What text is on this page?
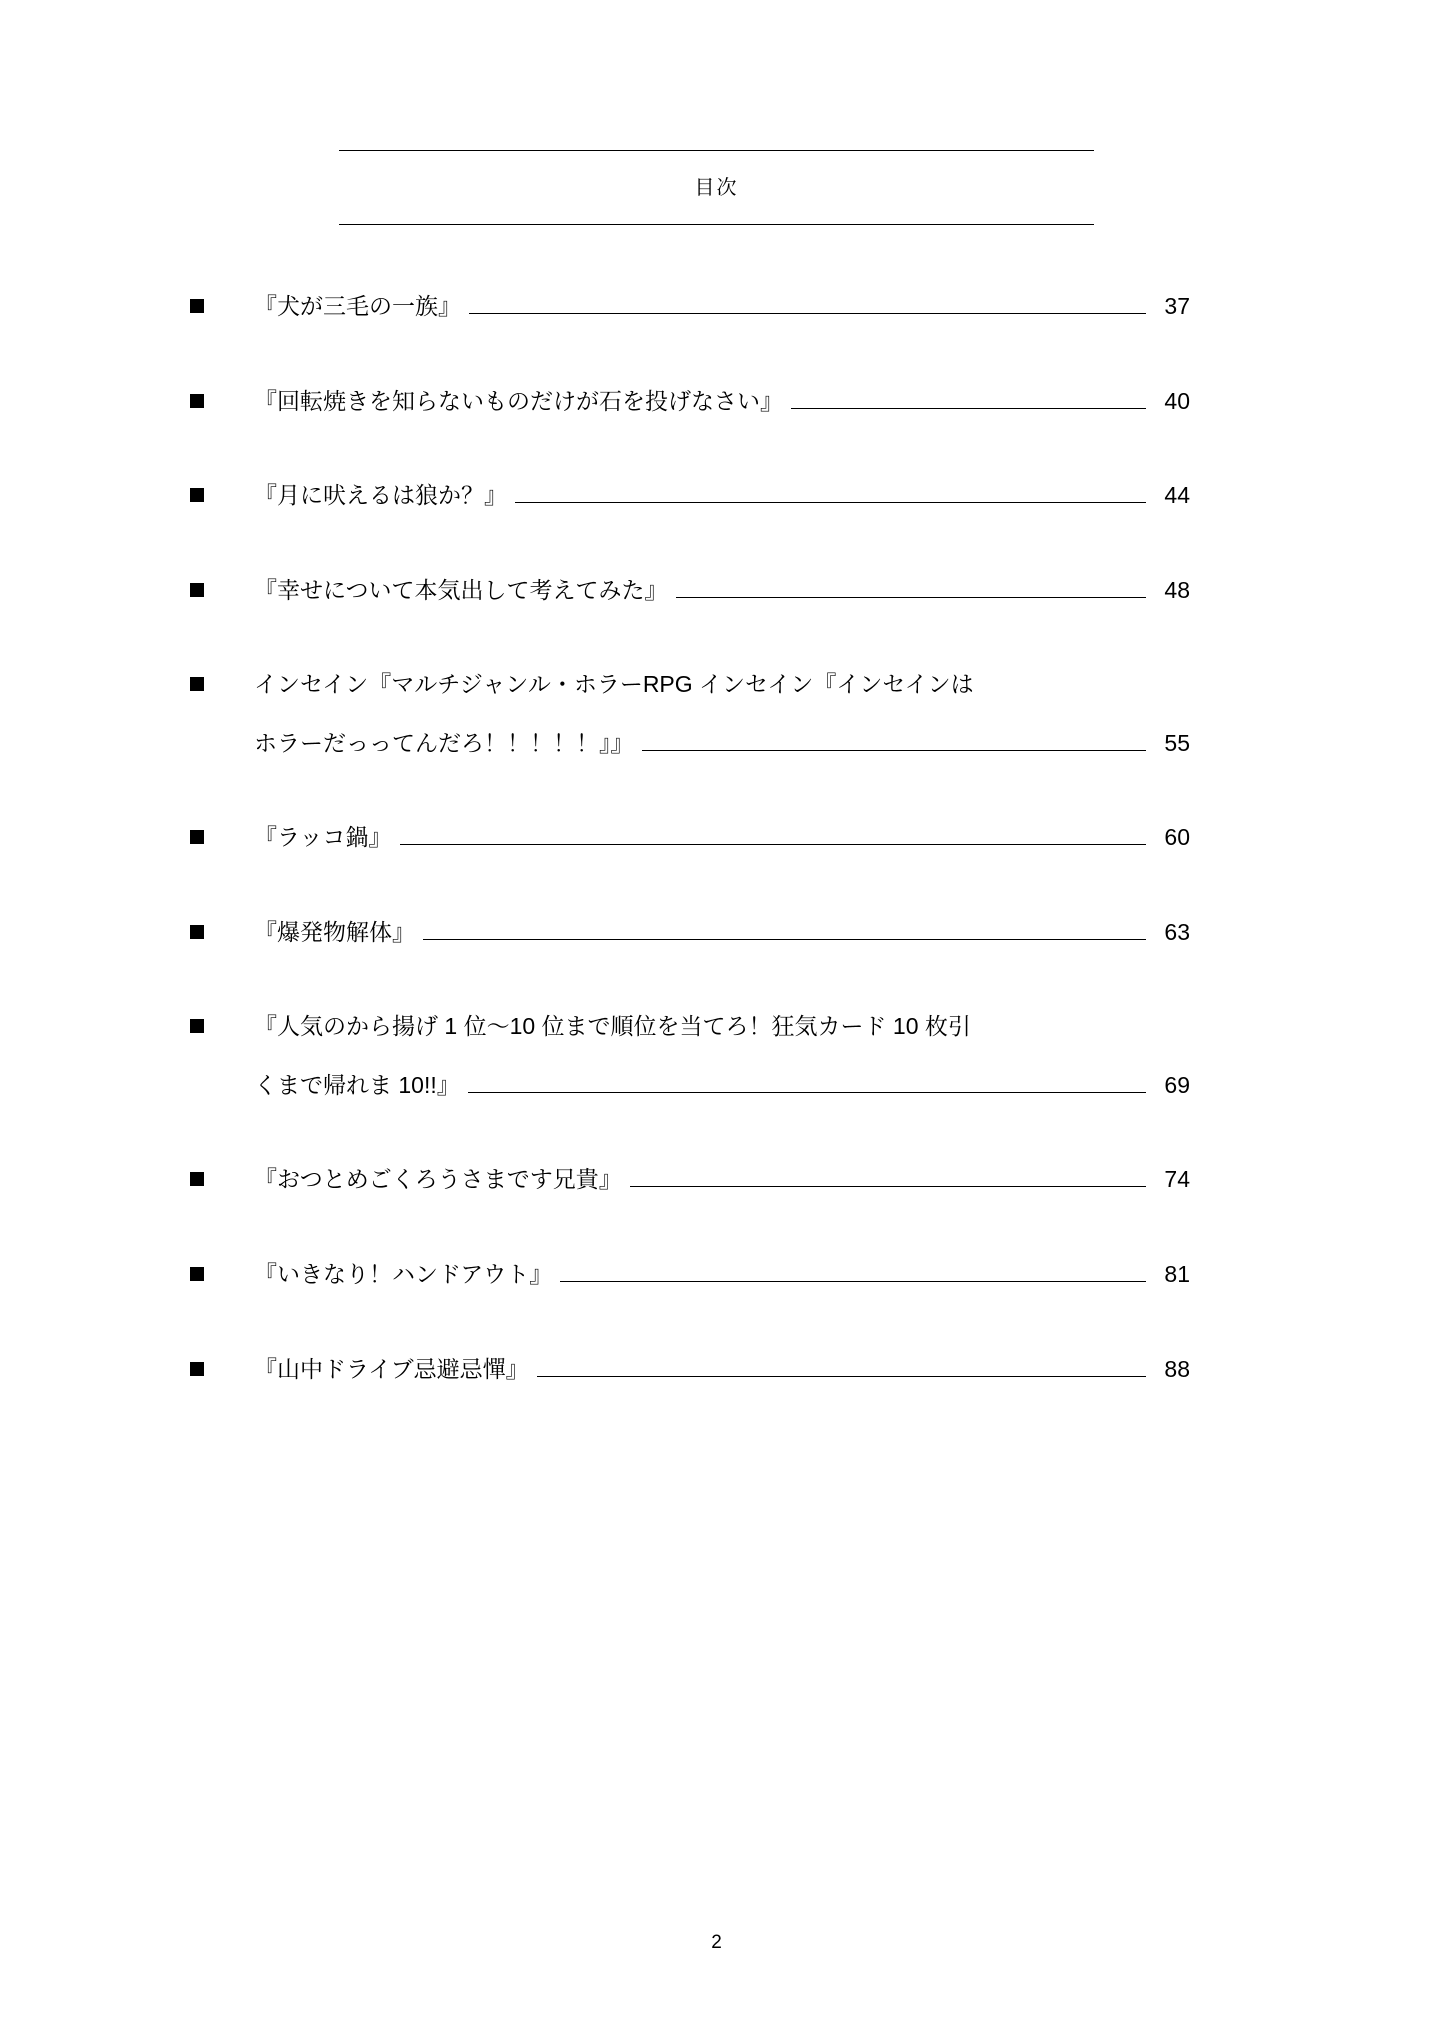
目次
『犬が三毛の一族』	37
『回転焼きを知らないものだけが石を投げなさい』	40
『月に吠えるは狼か？』	44
『幸せについて本気出して考えてみた』	48
インセイン『マルチジャンル・ホラーRPG インセイン『インセインは
ホラーだっってんだろ！！！！！』』	55
『ラッコ鍋』	60
『爆発物解体』	63
『人気のから揚げ 1 位〜10 位まで順位を当てろ！狂気カード 10 枚引
くまで帰れま 10!!』	69
『おつとめごくろうさまです兄貴』	74
『いきなり！ハンドアウト』	81
『山中ドライブ忌避忌憚』	88
2
